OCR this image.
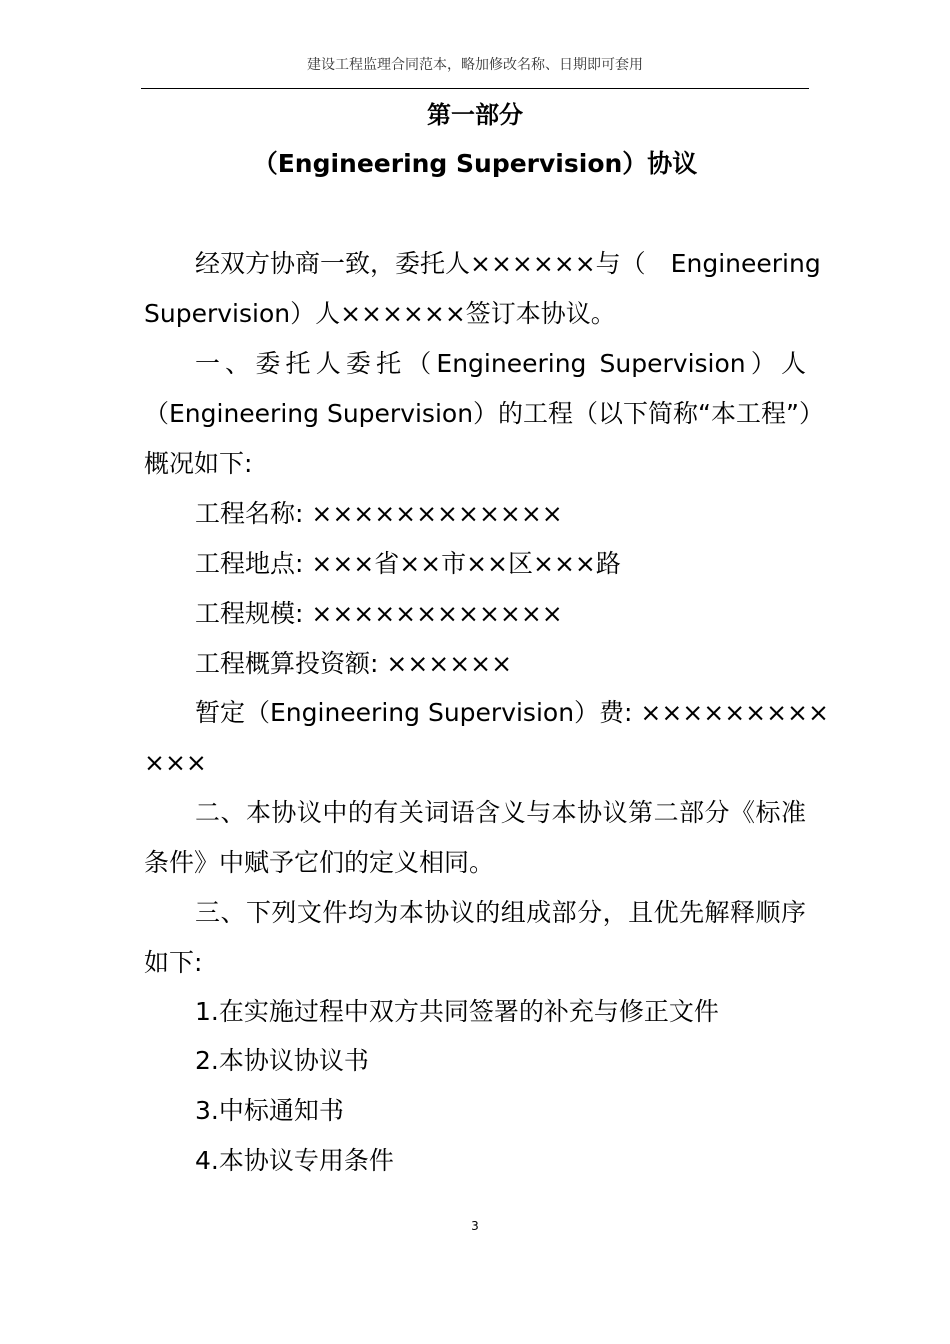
建设工程监理合同范本，略加修改名称、日期即可套用
第一部分
（Engineering Supervision）协议
经双方协商一致，委托人××××××与（　Engineering
Supervision）人××××××签订本协议。
一、委托人委托（Engineering Supervision）人
（Engineering Supervision）的工程（以下简称“本工程”）
概况如下:
工程名称: ××××××××××××
工程地点: ×××省××市××区×××路
工程规模: ××××××××××××
工程概算投资额: ××××××
暂定（Engineering Supervision）费: ×××××××××
×××
二、本协议中的有关词语含义与本协议第二部分《标准
条件》中赋予它们的定义相同。
三、下列文件均为本协议的组成部分，且优先解释顺序
如下:
1.在实施过程中双方共同签署的补充与修正文件
2.本协议协议书
3.中标通知书
4.本协议专用条件
3
